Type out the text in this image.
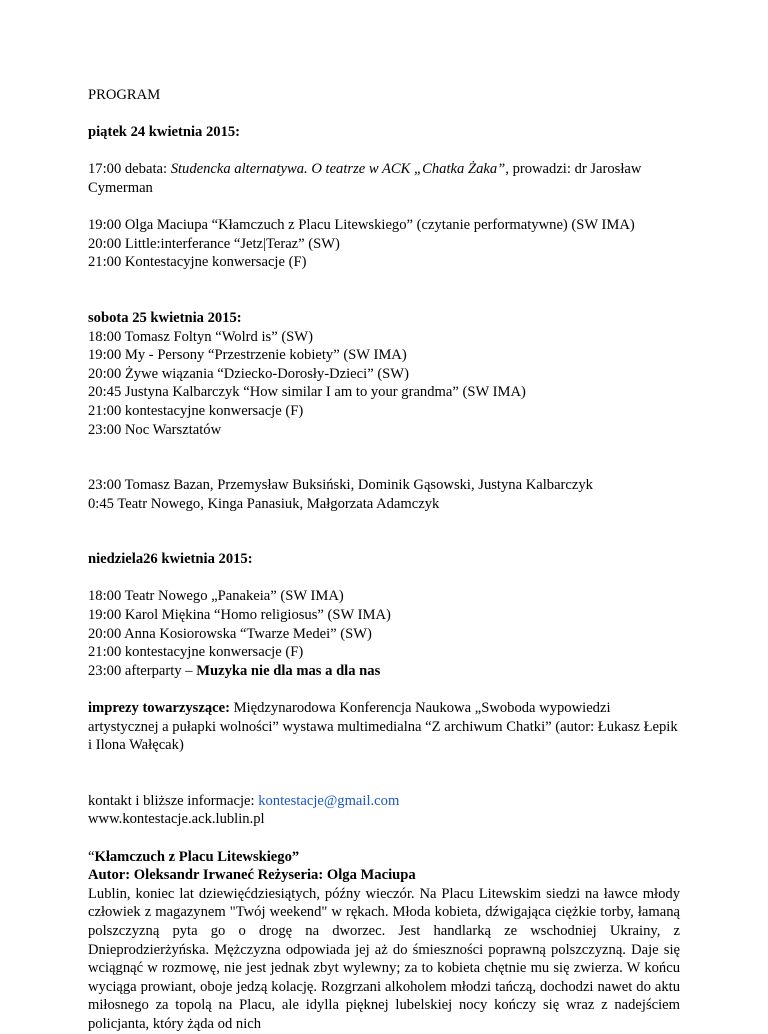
PROGRAM

piątek 24 kwietnia 2015:

17:00 debata: Studencka alternatywa. O teatrze w ACK „Chatka Żaka”, prowadzi: dr Jarosław Cymerman

19:00 Olga Maciupa “Kłamczuch z Placu Litewskiego” (czytanie performatywne) (SW IMA)

20:00 Little:interferance “Jetz|Teraz” (SW)

21:00 Kontestacyjne konwersacje (F)

sobota 25 kwietnia 2015:

18:00 Tomasz Foltyn “Wolrd is” (SW)

19:00 My - Persony “Przestrzenie kobiety” (SW IMA)

20:00 Żywe wiązania “Dziecko-Dorosły-Dzieci” (SW)

20:45 Justyna Kalbarczyk “How similar I am to your grandma” (SW IMA)

21:00 kontestacyjne konwersacje (F)

23:00 Noc Warsztatów

23:00 Tomasz Bazan, Przemysław Buksiński, Dominik Gąsowski, Justyna Kalbarczyk

0:45 Teatr Nowego, Kinga Panasiuk, Małgorzata Adamczyk

niedziela26 kwietnia 2015:

18:00 Teatr Nowego „Panakeia” (SW IMA)

19:00 Karol Miękina “Homo religiosus” (SW IMA)

20:00 Anna Kosiorowska “Twarze Medei” (SW)

21:00 kontestacyjne konwersacje (F)

23:00 afterparty – Muzyka nie dla mas a dla nas

imprezy towarzyszące: Międzynarodowa Konferencja Naukowa „Swoboda wypowiedzi artystycznej a pułapki wolności” wystawa multimedialna “Z archiwum Chatki” (autor: Łukasz Łepik i Ilona Wałęcak)

kontakt i bliższe informacje: kontestacje@gmail.com

www.kontestacje.ack.lublin.pl

“Kłamczuch z Placu Litewskiego”

Autor: Oleksandr Irwaneć Reżyseria: Olga Maciupa

Lublin, koniec lat dziewięćdziesiątych, późny wieczór. Na Placu Litewskim siedzi na ławce młody człowiek z magazynem "Twój weekend" w rękach. Młoda kobieta, dźwigająca ciężkie torby, łamaną polszczyzną pyta go o drogę na dworzec. Jest handlarką ze wschodniej Ukrainy, z Dnieprodzierżyńska. Mężczyzna odpowiada jej aż do śmieszności poprawną polszczyzną. Daje się wciągnąć w rozmowę, nie jest jednak zbyt wylewny; za to kobieta chętnie mu się zwierza. W końcu wyciąga prowiant, oboje jedzą kolację. Rozgrzani alkoholem młodzi tańczą, dochodzi nawet do aktu miłosnego za topolą na Placu, ale idylla pięknej lubelskiej nocy kończy się wraz z nadejściem policjanta, który żąda od nich
